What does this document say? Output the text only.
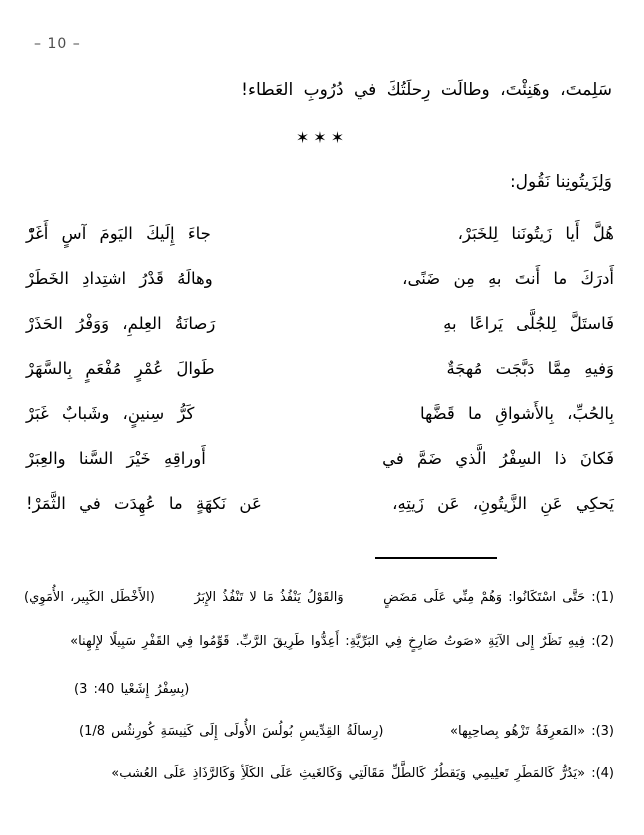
– 10 –
سَلِمتَ، وهَنِئْتَ، وطالَت رِحلَتُكَ في دُرُوبِ العَطاء!
✶✶✶
وَلِزَيتُونِنا نَقُول:
هُلَّ أَيا زَيتُونَنا لِلخَبَرْ،
جاءَ إِلَيكَ اليَومَ آسٍ أَغَرّْ
أَدرَكَ ما أَنتَ بهِ مِن ضَنًى،
وهالَهُ قَدْرُ اشتِدادِ الخَطَرْ
فَاستَلَّ لِلجُلَّى يَراعًا بهِ
رَصانَةُ العِلمِ، وَوَفْرُ الحَذَرْ
وَفيهِ مِمَّا دَبَّجَت مُهجَةٌ
طَوالَ عُمْرٍ مُفْعَمٍ بِالسَّهَرْ
بِالحُبِّ، بِالأَشواقِ ما قَضَّها
كَرُّ سِنينٍ، وشَبابٌ غَبَرْ
فَكانَ ذا السِفْرُ الَّذي ضَمَّ في
أَوراقِهِ خَيْرَ السَّنا والعِبَرْ
يَحكِي عَنِ الزَّيتُونِ، عَن زَيتِهِ،
عَن نَكهَةٍ ما عُهِدَت في الثَّمَرْ!
(1): حَتَّى اسْتَكَانُوا: وَهُمْ مِنِّي عَلَى مَضَضٍ
وَالقَوْلُ يَنْفُذُ مَا لا تَنْفُذُ الإِبَرُ
(الأَخْطَل الكَبِير، الأُمَوِي)
(2): فِيهِ نَظَرٌ إِلى الآيَةِ «صَوتُ صَارِخٍ فِي البَرِّيَّةِ: أَعِدُّوا طَرِيقَ الرَّبِّ. قَوِّمُوا فِي القَفْرِ سَبِيلًا لإِلهِنا»
(بِسِفْرُ إِشَعْيا 40: 3)
(3): «المَعرِفَةُ تَزْهُو بِصاحِبِها»
(رِسالَةُ القِدِّيسِ بُولُسَ الأُولَى إِلَى كَنِيسَةِ كُورِنثُس 1/8)
(4): «يَدُرُّ كَالمَطَرِ تَعلِيمِي وَيَقطُرُ كَالطَّلِّ مَقَالَتِي وَكَالغَيثِ عَلَى الكَلَأِ وَكَالرَّذَاذِ عَلَى العُشب»
